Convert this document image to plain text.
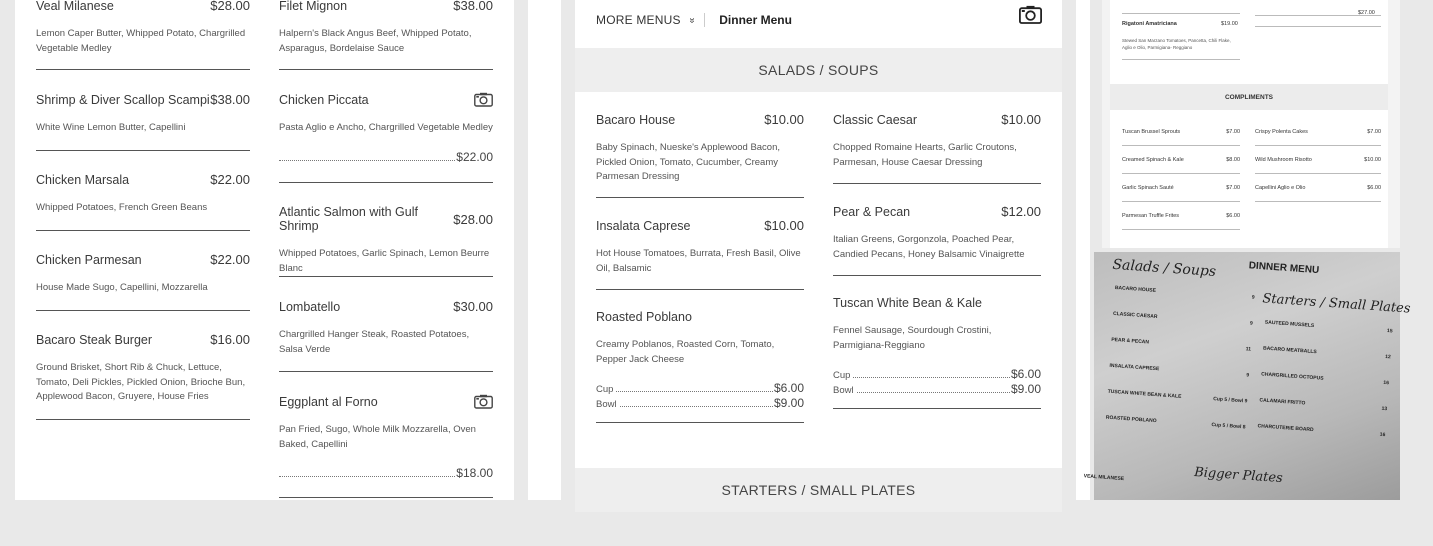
Veal Milanese	$28.00
Lemon Caper Butter, Whipped Potato, Chargrilled Vegetable Medley
Shrimp & Diver Scallop Scampi $38.00
White Wine Lemon Butter, Capellini
Chicken Marsala	$22.00
Whipped Potatoes, French Green Beans
Chicken Parmesan	$22.00
House Made Sugo, Capellini, Mozzarella
Bacaro Steak Burger	$16.00
Ground Brisket, Short Rib & Chuck, Lettuce, Tomato, Deli Pickles, Pickled Onion, Brioche Bun, Applewood Bacon, Gruyere, House Fries
Filet Mignon	$38.00
Halpern's Black Angus Beef, Whipped Potato, Asparagus, Bordelaise Sauce
Chicken Piccata
Pasta Aglio e Ancho, Chargrilled Vegetable Medley
$22.00
Atlantic Salmon with Gulf Shrimp	$28.00
Whipped Potatoes, Garlic Spinach, Lemon Beurre Blanc
Lombatello	$30.00
Chargrilled Hanger Steak, Roasted Potatoes, Salsa Verde
Eggplant al Forno
Pan Fried, Sugo, Whole Milk Mozzarella, Oven Baked, Capellini
$18.00
MORE MENUS » Dinner Menu
SALADS / SOUPS
Bacaro House	$10.00
Baby Spinach, Nueske's Applewood Bacon, Pickled Onion, Tomato, Cucumber, Creamy Parmesan Dressing
Insalata Caprese	$10.00
Hot House Tomatoes, Burrata, Fresh Basil, Olive Oil, Balsamic
Roasted Poblano
Creamy Poblanos, Roasted Corn, Tomato, Pepper Jack Cheese
Cup	$6.00
Bowl	$9.00
Classic Caesar	$10.00
Chopped Romaine Hearts, Garlic Croutons, Parmesan, House Caesar Dressing
Pear & Pecan	$12.00
Italian Greens, Gorgonzola, Poached Pear, Candied Pecans, Honey Balsamic Vinaigrette
Tuscan White Bean & Kale
Fennel Sausage, Sourdough Crostini, Parmigiana-Reggiano
Cup	$6.00
Bowl	$9.00
STARTERS / SMALL PLATES
$27.00
Rigatoni Amatriciana	$19.00
Stewed San Marzano Tomatoes, Pancetta, Chili Flake, Aglio e Olio, Parmigiana- Reggiano
COMPLIMENTS
Tuscan Brussel Sprouts	$7.00
Creamed Spinach & Kale	$8.00
Garlic Spinach Sauté	$7.00
Parmesan Truffle Frites	$6.00
Crispy Polenta Cakes	$7.00
Wild Mushroom Risotto	$10.00
Capellini Aglio e Olio	$6.00
DINNER MENU
Salads / Soups
Starters / Small Plates
BACARO HOUSE
9
CLASSIC CAESAR
9
PEAR & PECAN
11
INSALATA CAPRESE
9
TUSCAN WHITE BEAN & KALE
Cup 5 / Bowl 9
ROASTED POBLANO
Cup 5 / Bowl 8
SAUTEED MUSSELS
15
BACARO MEATBALLS
12
CHARGRILLED OCTOPUS
16
CALAMARI FRITTO
13
CHARCUTERIE BOARD
16
Bigger Plates
VEAL MILANESE
